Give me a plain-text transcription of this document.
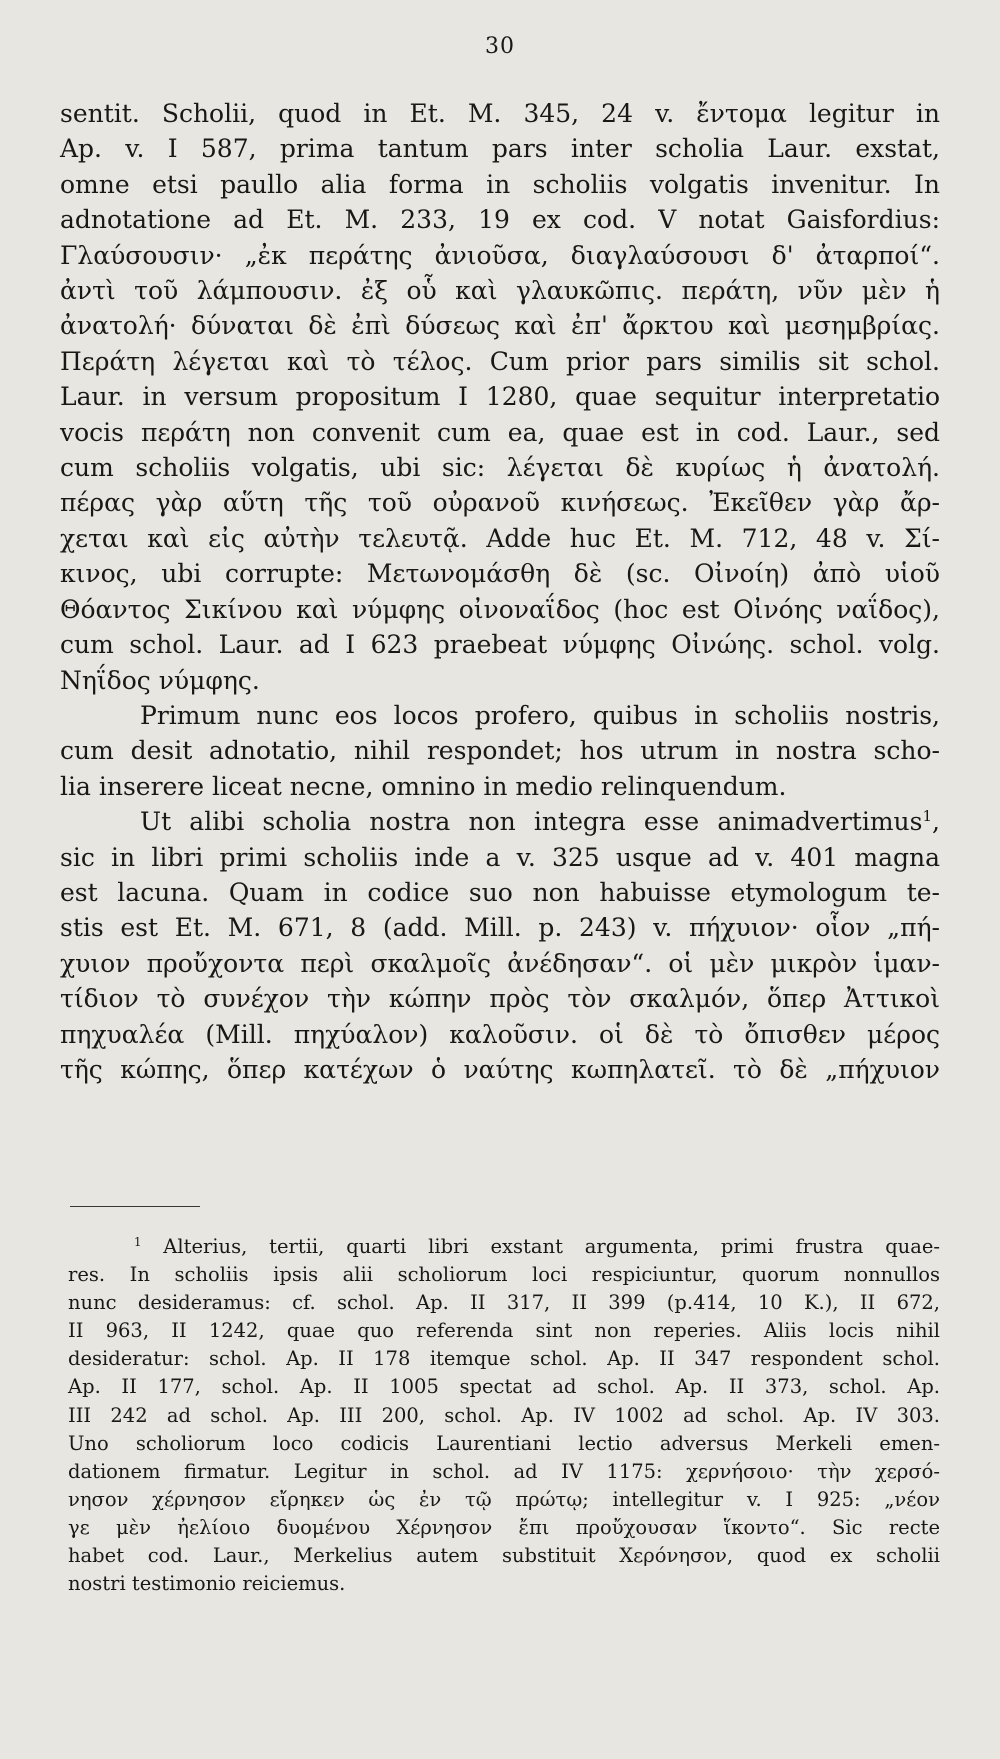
30

sentit. Scholii, quod in Et. M. 345, 24 v. ἔντομα legitur in

Ap. v. I 587, prima tantum pars inter scholia Laur. exstat,

omne etsi paullo alia forma in scholiis volgatis invenitur. In

adnotatione ad Et. M. 233, 19 ex cod. V notat Gaisfordius:

Γλαύσουσιν· „ἐκ περάτης ἀνιοῦσα, διαγλαύσουσι δ' ἀταρποί“.

ἀντὶ τοῦ λάμπουσιν. ἐξ οὗ καὶ γλαυκῶπις. περάτη, νῦν μὲν ἡ

ἀνατολή· δύναται δὲ ἐπὶ δύσεως καὶ ἐπ' ἄρκτου καὶ μεσημβρίας.

Περάτη λέγεται καὶ τὸ τέλος. Cum prior pars similis sit schol.

Laur. in versum propositum I 1280, quae sequitur interpretatio

vocis περάτη non convenit cum ea, quae est in cod. Laur., sed

cum scholiis volgatis, ubi sic: λέγεται δὲ κυρίως ἡ ἀνατολή.

πέρας γὰρ αὕτη τῆς τοῦ οὐρανοῦ κινήσεως. Ἐκεῖθεν γὰρ ἄρ-

χεται καὶ εἰς αὐτὴν τελευτᾷ. Adde huc Et. M. 712, 48 v. Σί-

κινος, ubi corrupte: Μετωνομάσθη δὲ (sc. Οἰνοίη) ἀπὸ υἱοῦ

Θόαντος Σικίνου καὶ νύμφης οἰνοναΐδος (hoc est Οἰνόης ναΐδος),

cum schol. Laur. ad I 623 praebeat νύμφης Οἰνώης. schol. volg.

Νηΐδος νύμφης.

Primum nunc eos locos profero, quibus in scholiis nostris,

cum desit adnotatio, nihil respondet; hos utrum in nostra scho-

lia inserere liceat necne, omnino in medio relinquendum.

Ut alibi scholia nostra non integra esse animadvertimus$^1$,

sic in libri primi scholiis inde a v. 325 usque ad v. 401 magna

est lacuna. Quam in codice suo non habuisse etymologum te-

stis est Et. M. 671, 8 (add. Mill. p. 243) v. πήχυιον· οἷον „πή-

χυιον προὔχοντα περὶ σκαλμοῖς ἀνέδησαν“. οἱ μὲν μικρὸν ἱμαν-

τίδιον τὸ συνέχον τὴν κώπην πρὸς τὸν σκαλμόν, ὅπερ Ἀττικοὶ

πηχυαλέα (Mill. πηχύαλον) καλοῦσιν. οἱ δὲ τὸ ὄπισθεν μέρος

τῆς κώπης, ὅπερ κατέχων ὁ ναύτης κωπηλατεῖ. τὸ δὲ „πήχυιον

$^1$ Alterius, tertii, quarti libri exstant argumenta, primi frustra quae-

res. In scholiis ipsis alii scholiorum loci respiciuntur, quorum nonnullos

nunc desideramus: cf. schol. Ap. II 317, II 399 (p.414, 10 K.), II 672,

II 963, II 1242, quae quo referenda sint non reperies. Aliis locis nihil

desideratur: schol. Ap. II 178 itemque schol. Ap. II 347 respondent schol.

Ap. II 177, schol. Ap. II 1005 spectat ad schol. Ap. II 373, schol. Ap.

III 242 ad schol. Ap. III 200, schol. Ap. IV 1002 ad schol. Ap. IV 303.

Uno scholiorum loco codicis Laurentiani lectio adversus Merkeli emen-

dationem firmatur. Legitur in schol. ad IV 1175: χερνήσοιο· τὴν χερσό-

νησον χέρνησον εἴρηκεν ὡς ἐν τῷ πρώτῳ; intellegitur v. I 925: „νέον

γε μὲν ἠελίοιο δυομένου Χέρνησον ἔπι προὔχουσαν ἵκοντο“. Sic recte

habet cod. Laur., Merkelius autem substituit Χερόνησον, quod ex scholii

nostri testimonio reiciemus.
